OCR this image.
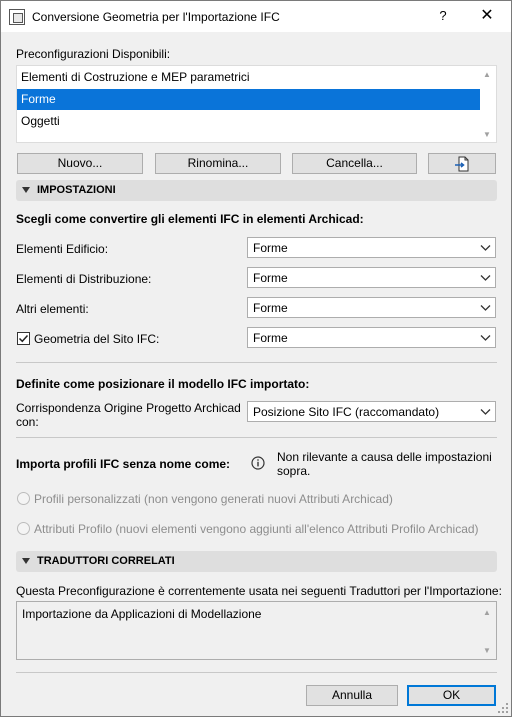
Conversione Geometria per l'Importazione IFC	?	✕
Preconfigurazioni Disponibili:
Elementi di Costruzione e MEP parametrici
Forme
Oggetti
▲
▼
Nuovo...	Rinomina...	Cancella...
IMPOSTAZIONI
Scegli come convertire gli elementi IFC in elementi Archicad:
Elementi Edificio:	Forme
Elementi di Distribuzione:	Forme
Altri elementi:	Forme
Geometria del Sito IFC:	Forme
Definite come posizionare il modello IFC importato:
Corrispondenza Origine Progetto Archicad
con:
Posizione Sito IFC (raccomandato)
Importa profili IFC senza nome come:	Non rilevante a causa delle impostazioni
sopra.
Profili personalizzati (non vengono generati nuovi Attributi Archicad)
Attributi Profilo (nuovi elementi vengono aggiunti all'elenco Attributi Profilo Archicad)
TRADUTTORI CORRELATI
Questa Preconfigurazione è correntemente usata nei seguenti Traduttori per l'Importazione:
Importazione da Applicazioni di Modellazione	▲
▼
Annulla	OK
